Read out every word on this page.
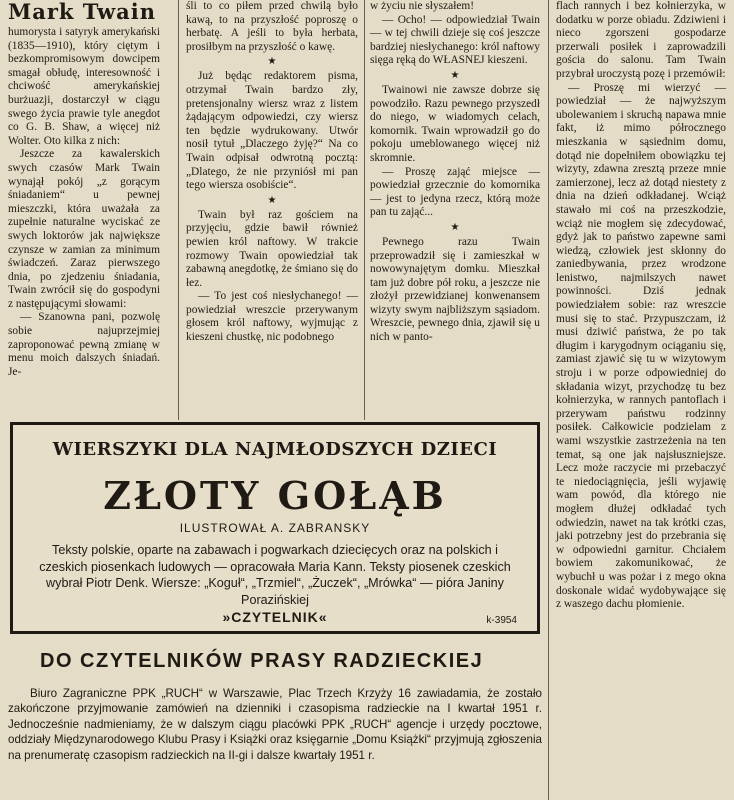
Mark Twain

humorysta i satyryk amerykański (1835—1910), który ciętym i bezkompromisowym dowcipem smagał obłudę, interesowność i chciwość amerykańskiej burżuazji, dostarczył w ciągu swego życia prawie tyle anegdot co G. B. Shaw, a więcej niż Wolter. Oto kilka z nich:

Jeszcze za kawalerskich swych czasów Mark Twain wynajął pokój „z gorącym śniadaniem“ u pewnej mieszczki, która uważała za zupełnie naturalne wyciskać ze swych loktorów jak największe czynsze w zamian za minimum świadczeń. Zaraz pierwszego dnia, po zjedzeniu śniadania, Twain zwrócił się do gospodyni z następującymi słowami:

— Szanowna pani, pozwolę sobie najuprzejmiej zaproponować pewną zmianę w menu moich dalszych śniadań. Je-

śli to co piłem przed chwilą było kawą, to na przyszłość poproszę o herbatę. A jeśli to była herbata, prosiłbym na przyszłość o kawę.

★

Już będąc redaktorem pisma, otrzymał Twain bardzo zły, pretensjonalny wiersz wraz z listem żądającym odpowiedzi, czy wiersz ten będzie wydrukowany. Utwór nosił tytuł „Dlaczego żyję?“ Na co Twain odpisał odwrotną pocztą: „Dlatego, że nie przyniósł mi pan tego wiersza osobiście“.

★

Twain był raz gościem na przyjęciu, gdzie bawił również pewien król naftowy. W trakcie rozmowy Twain opowiedział tak zabawną anegdotkę, że śmiano się do łez.

— To jest coś niesłychanego! — powiedział wreszcie przerywanym głosem król naftowy, wyjmując z kieszeni chustkę, nic podobnego

w życiu nie słyszałem!

— Ocho! — odpowiedział Twain — w tej chwili dzieje się coś jeszcze bardziej niesłychanego: król naftowy sięga ręką do WŁASNEJ kieszeni.

★

Twainowi nie zawsze dobrze się powodziło. Razu pewnego przyszedł do niego, w wiadomych celach, komornik. Twain wprowadził go do pokoju umeblowanego więcej niż skromnie.

— Proszę zająć miejsce — powiedział grzecznie do komornika — jest to jedyna rzecz, którą może pan tu zająć...

★

Pewnego razu Twain przeprowadził się i zamieszkał w nowowynajętym domku. Mieszkał tam już dobre pół roku, a jeszcze nie złożył przewidzianej konwenansem wizyty swym najbliższym sąsiadom. Wreszcie, pewnego dnia, zjawił się u nich w panto-

flach rannych i bez kołnierzyka, w dodatku w porze obiadu. Zdziwieni i nieco zgorszeni gospodarze przerwali posiłek i zaprowadzili gościa do salonu. Tam Twain przybrał uroczystą pozę i przemówił:

— Proszę mi wierzyć — powiedział — że najwyższym ubolewaniem i skruchą napawa mnie fakt, iż mimo półrocznego mieszkania w sąsiednim domu, dotąd nie dopełniłem obowiązku tej wizyty, zdawna zresztą przeze mnie zamierzonej, lecz aż dotąd niestety z dnia na dzień odkładanej. Wciąż stawało mi coś na przeszkodzie, wciąż nie mogłem się zdecydować, gdyż jak to państwo zapewne sami wiedzą, człowiek jest skłonny do zaniedbywania, przez wrodzone lenistwo, najmilszych nawet powinności. Dziś jednak powiedziałem sobie: raz wreszcie musi się to stać. Przypuszczam, iż musi dziwić państwa, że po tak długim i karygodnym ociąganiu się, zamiast zjawić się tu w wizytowym stroju i w porze odpowiedniej do składania wizyt, przychodzę tu bez kołnierzyka, w rannych pantoflach i przerywam państwu rodzinny posiłek. Całkowicie podzielam z wami wszystkie zastrzeżenia na ten temat, są one jak najsłuszniejsze. Lecz może raczycie mi przebaczyć te niedociągnięcia, jeśli wyjawię wam powód, dla którego nie mogłem dłużej odkładać tych odwiedzin, nawet na tak krótki czas, jaki potrzebny jest do przebrania się w odpowiedni garnitur. Chciałem bowiem zakomunikować, że wybuchł u was pożar i z mego okna doskonale widać wydobywające się z waszego dachu płomienie.

WIERSZYKI DLA NAJMŁODSZYCH DZIECI
ZŁOTY GOŁĄB
ILUSTROWAŁ A. ZABRANSKY
Teksty polskie, oparte na zabawach i pogwarkach dziecięcych oraz na polskich i czeskich piosenkach ludowych — opracowała Maria Kann. Teksty piosenek czeskich wybrał Piotr Denk. Wiersze: „Koguł“, „Trzmiel“, „Żuczek“, „Mrówka“ — pióra Janiny Porazińskiej
»CZYTELNIK«	k-3954
DO CZYTELNIKÓW PRASY RADZIECKIEJ

Biuro Zagraniczne PPK „RUCH“ w Warszawie, Plac Trzech Krzyży 16 zawiadamia, że zostało zakończone przyjmowanie zamówień na dzienniki i czasopisma radzieckie na I kwartał 1951 r. Jednocześnie nadmieniamy, że w dalszym ciągu placówki PPK „RUCH“ agencje i urzędy pocztowe, oddziały Międzynarodowego Klubu Prasy i Książki oraz księgarnie „Domu Książki“ przyjmują zgłoszenia na prenumeratę czasopism radzieckich na II-gi i dalsze kwartały 1951 r.
